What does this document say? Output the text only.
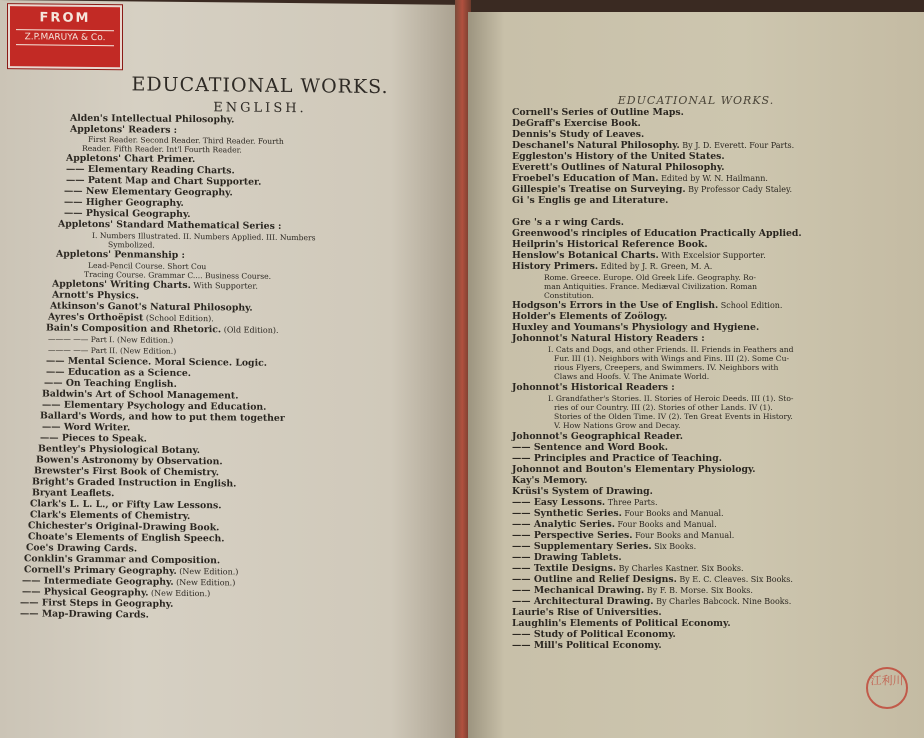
FROM
Z.P.MARUYA & Co.
EDUCATIONAL WORKS.
ENGLISH.
Alden's Intellectual Philosophy.
Appletons' Readers :
First Reader. Second Reader. Third Reader. Fourth
Reader. Fifth Reader. Int'l Fourth Reader.
Appletons' Chart Primer.
—— Elementary Reading Charts.
—— Patent Map and Chart Supporter.
—— New Elementary Geography.
—— Higher Geography.
—— Physical Geography.
Appletons' Standard Mathematical Series :
I. Numbers Illustrated. II. Numbers Applied. III. Numbers
Symbolized.
Appletons' Penmanship :
Lead-Pencil Course. Short Cou
Tracing Course. Grammar C.... Business Course.
Appletons' Writing Charts. With Supporter.
Arnott's Physics.
Atkinson's Ganot's Natural Philosophy.
Ayres's Orthoëpist (School Edition).
Bain's Composition and Rhetoric. (Old Edition).
——— —— Part I. (New Edition.)
——— —— Part II. (New Edition.)
—— Mental Science. Moral Science. Logic.
—— Education as a Science.
—— On Teaching English.
Baldwin's Art of School Management.
—— Elementary Psychology and Education.
Ballard's Words, and how to put them together
—— Word Writer.
—— Pieces to Speak.
Bentley's Physiological Botany.
Bowen's Astronomy by Observation.
Brewster's First Book of Chemistry.
Bright's Graded Instruction in English.
Bryant Leaflets.
Clark's L. L. L., or Fifty Law Lessons.
Clark's Elements of Chemistry.
Chichester's Original-Drawing Book.
Choate's Elements of English Speech.
Coe's Drawing Cards.
Conklin's Grammar and Composition.
Cornell's Primary Geography. (New Edition.)
—— Intermediate Geography. (New Edition.)
—— Physical Geography. (New Edition.)
—— First Steps in Geography.
—— Map-Drawing Cards.
EDUCATIONAL WORKS.
Cornell's Series of Outline Maps.
DeGraff's Exercise Book.
Dennis's Study of Leaves.
Deschanel's Natural Philosophy. By J. D. Everett. Four Parts.
Eggleston's History of the United States.
Everett's Outlines of Natural Philosophy.
Froebel's Education of Man. Edited by W. N. Hailmann.
Gillespie's Treatise on Surveying. By Professor Cady Staley.
Gi 's Englis ge and Literature.
Gre 's a r wing Cards.
Greenwood's rinciples of Education Practically Applied.
Heilprin's Historical Reference Book.
Henslow's Botanical Charts. With Excelsior Supporter.
History Primers. Edited by J. R. Green, M. A.
Rome. Greece. Europe. Old Greek Life. Geography. Ro-
man Antiquities. France. Mediæval Civilization. Roman
Constitution.
Hodgson's Errors in the Use of English. School Edition.
Holder's Elements of Zoölogy.
Huxley and Youmans's Physiology and Hygiene.
Johonnot's Natural History Readers :
I. Cats and Dogs, and other Friends. II. Friends in Feathers and
Fur. III (1). Neighbors with Wings and Fins. III (2). Some Cu-
rious Flyers, Creepers, and Swimmers. IV. Neighbors with
Claws and Hoofs. V. The Animate World.
Johonnot's Historical Readers :
I. Grandfather's Stories. II. Stories of Heroic Deeds. III (1). Sto-
ries of our Country. III (2). Stories of other Lands. IV (1).
Stories of the Olden Time. IV (2). Ten Great Events in History.
V. How Nations Grow and Decay.
Johonnot's Geographical Reader.
—— Sentence and Word Book.
—— Principles and Practice of Teaching.
Johonnot and Bouton's Elementary Physiology.
Kay's Memory.
Krüsi's System of Drawing.
—— Easy Lessons. Three Parts.
—— Synthetic Series. Four Books and Manual.
—— Analytic Series. Four Books and Manual.
—— Perspective Series. Four Books and Manual.
—— Supplementary Series. Six Books.
—— Drawing Tablets.
—— Textile Designs. By Charles Kastner. Six Books.
—— Outline and Relief Designs. By E. C. Cleaves. Six Books.
—— Mechanical Drawing. By F. B. Morse. Six Books.
—— Architectural Drawing. By Charles Babcock. Nine Books.
Laurie's Rise of Universities.
Laughlin's Elements of Political Economy.
—— Study of Political Economy.
—— Mill's Political Economy.
江利川
